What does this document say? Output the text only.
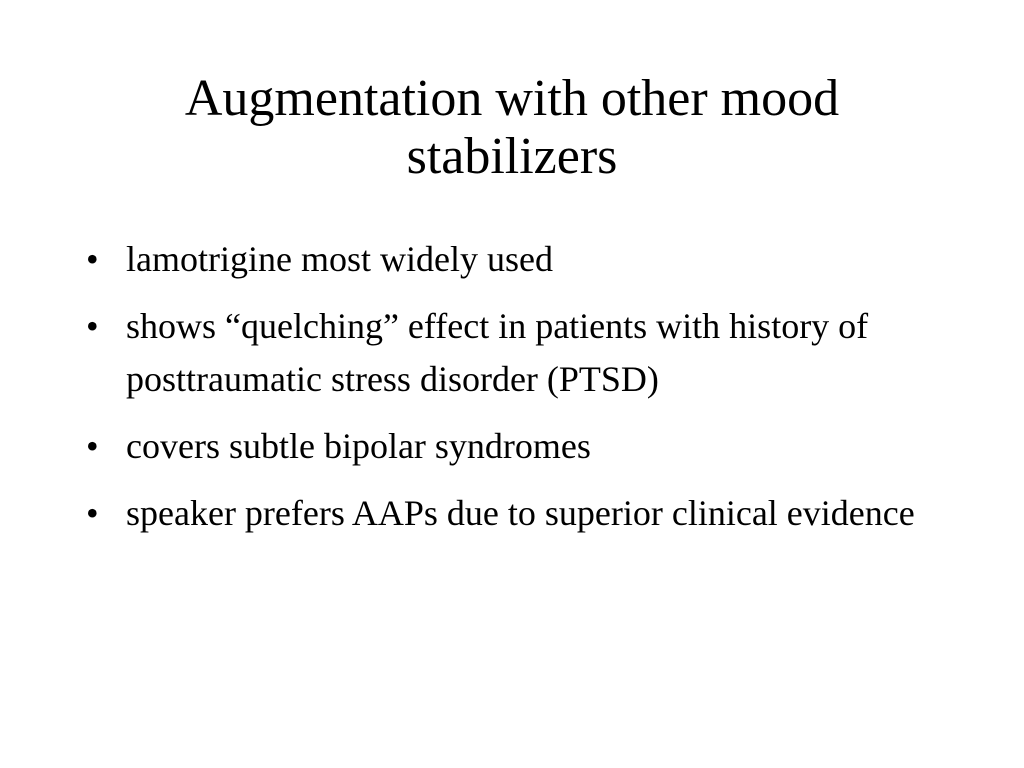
Augmentation with other mood stabilizers
• lamotrigine most widely used
• shows “quelching” effect in patients with history of posttraumatic stress disorder (PTSD)
• covers subtle bipolar syndromes
• speaker prefers AAPs due to superior clinical evidence
